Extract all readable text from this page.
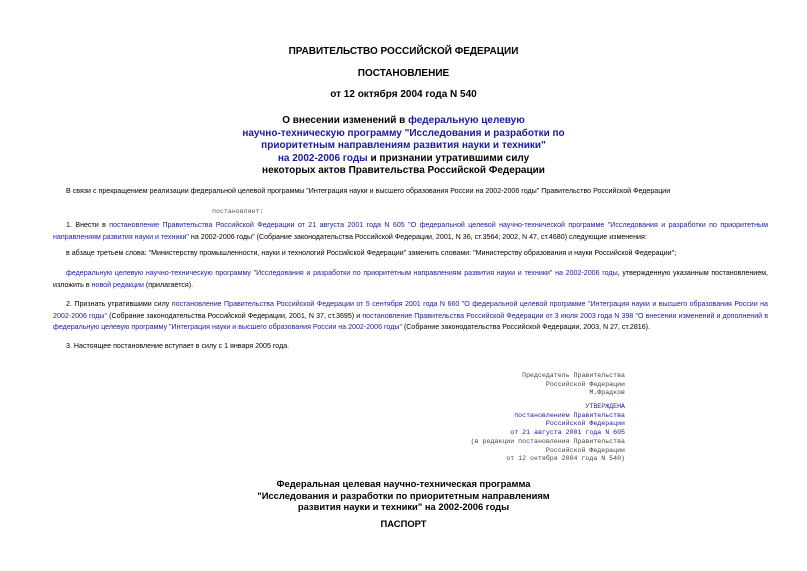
ПРАВИТЕЛЬСТВО РОССИЙСКОЙ ФЕДЕРАЦИИ
ПОСТАНОВЛЕНИЕ
от 12 октября 2004 года N 540
О внесении изменений в федеральную целевую
научно-техническую программу "Исследования и разработки по
приоритетным направлениям развития науки и техники"
на 2002-2006 годы и признании утратившими силу
некоторых актов Правительства Российской Федерации
В связи с прекращением реализации федеральной целевой программы "Интеграция науки и высшего образования России на 2002-2006 годы" Правительство Российской Федерации
постановляет:
1. Внести в постановление Правительства Российской Федерации от 21 августа 2001 года N 605 "О федеральной целевой научно-технической программе "Исследования и разработки по приоритетным направлениям развития науки и техники" на 2002-2006 годы" (Собрание законодательства Российской Федерации, 2001, N 36, ст.3564; 2002, N 47, ст.4680) следующие изменения:
в абзаце третьем слова: "Министерству промышленности, науки и технологий Российской Федерации" заменить словами: "Министерству образования и науки Российской Федерации";
федеральную целевую научно-техническую программу "Исследования и разработки по приоритетным направлениям развития науки и техники" на 2002-2006 годы, утвержденную указанным постановлением, изложить в новой редакции (прилагается).
2. Признать утратившими силу постановление Правительства Российской Федерации от 5 сентября 2001 года N 660 "О федеральной целевой программе "Интеграция науки и высшего образования России на 2002-2006 годы" (Собрание законодательства Российской Федерации, 2001, N 37, ст.3695) и постановление Правительства Российской Федерации от 3 июля 2003 года N 398 "О внесении изменений и дополнений в федеральную целевую программу "Интеграция науки и высшего образования России на 2002-2006 годы" (Собрание законодательства Российской Федерации, 2003, N 27, ст.2816).
3. Настоящее постановление вступает в силу с 1 января 2005 года.
Председатель Правительства
Российской Федерации
М.Фрадков
УТВЕРЖДЕНА
постановлением Правительства
Российской Федерации
от 21 августа 2001 года N 605
(в редакции постановления Правительства
Российской Федерации
от 12 октября 2004 года N 540)
Федеральная целевая научно-техническая программа
"Исследования и разработки по приоритетным направлениям
развития науки и техники" на 2002-2006 годы
ПАСПОРТ
